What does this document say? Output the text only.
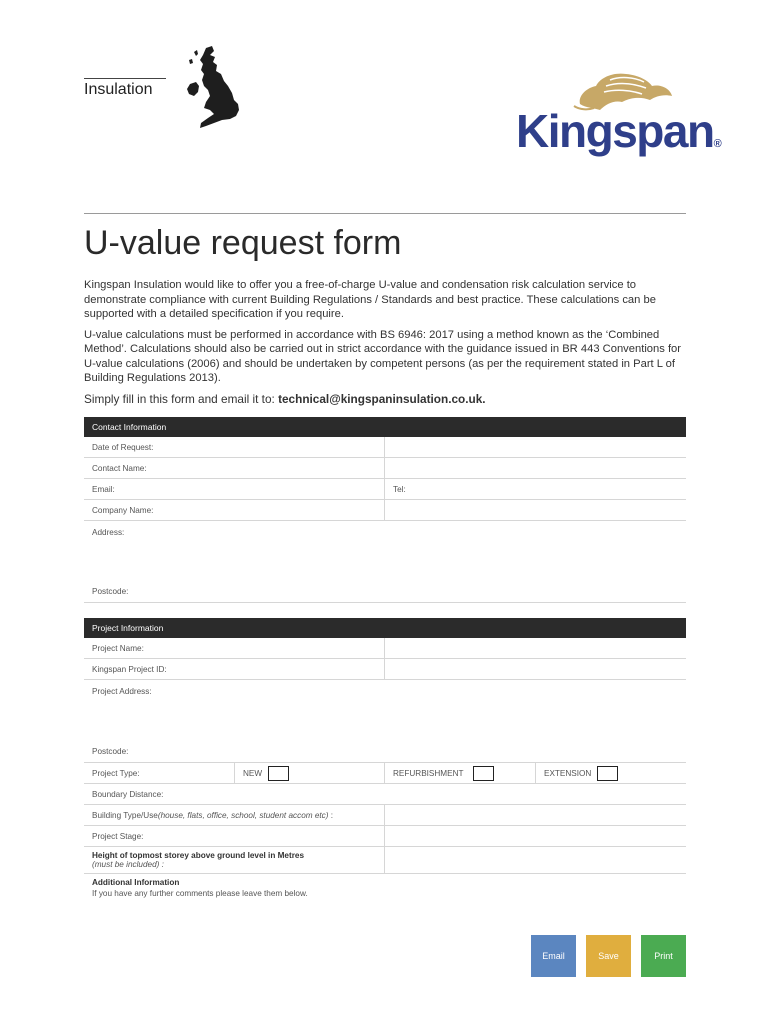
Insulation
Kingspan®
U-value request form

Kingspan Insulation would like to offer you a free-of-charge U-value and condensation risk calculation service to demonstrate compliance with current Building Regulations / Standards and best practice. These calculations can be supported with a detailed specification if you require.

U-value calculations must be performed in accordance with BS 6946: 2017 using a method known as the ‘Combined Method’. Calculations should also be carried out in strict accordance with the guidance issued in BR 443 Conventions for U-value calculations (2006) and should be undertaken by competent persons (as per the requirement stated in Part L of Building Regulations 2013).

Simply fill in this form and email it to: technical@kingspaninsulation.co.uk.

Contact Information
Date of Request:
Contact Name:
Email:	Tel:
Company Name:
Address:
Postcode:
Project Information
Project Name:
Kingspan Project ID:
Project Address:
Postcode:
Project Type:	NEW	REFURBISHMENT	EXTENSION
Boundary Distance:
Building Type/Use (house, flats, office, school, student accom etc) :
Project Stage:
Height of topmost storey above ground level in Metres
(must be included) :
Additional Information
If you have any further comments please leave them below.
Email	Save	Print
